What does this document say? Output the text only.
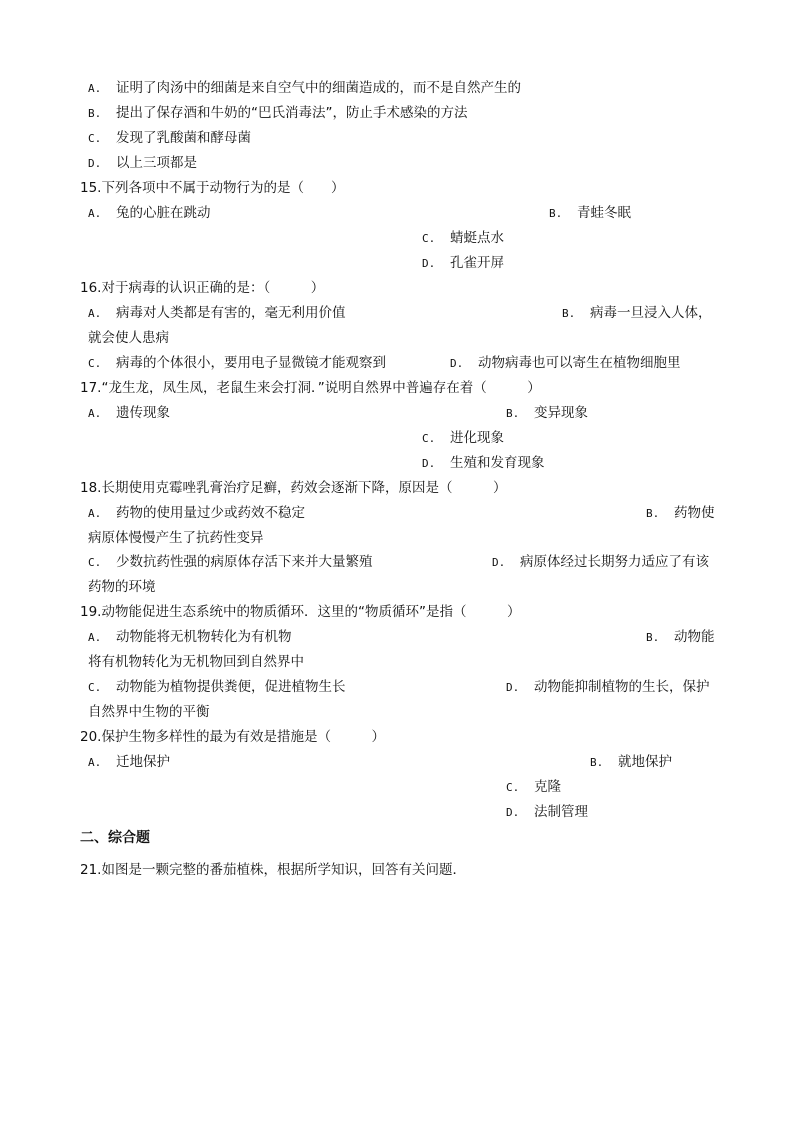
A. 证明了肉汤中的细菌是来自空气中的细菌造成的，而不是自然产生的
B. 提出了保存酒和牛奶的“巴氏消毒法”，防止手术感染的方法
C. 发现了乳酸菌和酵母菌
D. 以上三项都是
15.下列各项中不属于动物行为的是（　　）
A. 兔的心脏在跳动	B. 青蛙冬眠
C. 蜻蜓点水
D. 孔雀开屏
16.对于病毒的认识正确的是：（　　　）
A. 病毒对人类都是有害的，毫无利用价值	B. 病毒一旦浸入人体，
就会使人患病
C. 病毒的个体很小，要用电子显微镜才能观察到	D. 动物病毒也可以寄生在植物细胞里
17.“龙生龙，凤生凤，老鼠生来会打洞．”说明自然界中普遍存在着（　　　）
A. 遗传现象	B. 变异现象
C. 进化现象
D. 生殖和发育现象
18.长期使用克霉唑乳膏治疗足癣，药效会逐渐下降，原因是（　　　）
A. 药物的使用量过少或药效不稳定	B. 药物使
病原体慢慢产生了抗药性变异
C. 少数抗药性强的病原体存活下来并大量繁殖	D. 病原体经过长期努力适应了有该
药物的环境
19.动物能促进生态系统中的物质循环．这里的“物质循环”是指（　　　）
A. 动物能将无机物转化为有机物	B. 动物能
将有机物转化为无机物回到自然界中
C. 动物能为植物提供粪便，促进植物生长	D. 动物能抑制植物的生长，保护
自然界中生物的平衡
20.保护生物多样性的最为有效是措施是（　　　）
A. 迁地保护	B. 就地保护
C. 克隆
D. 法制管理
二、综合题
21.如图是一颗完整的番茄植株，根据所学知识，回答有关问题．
